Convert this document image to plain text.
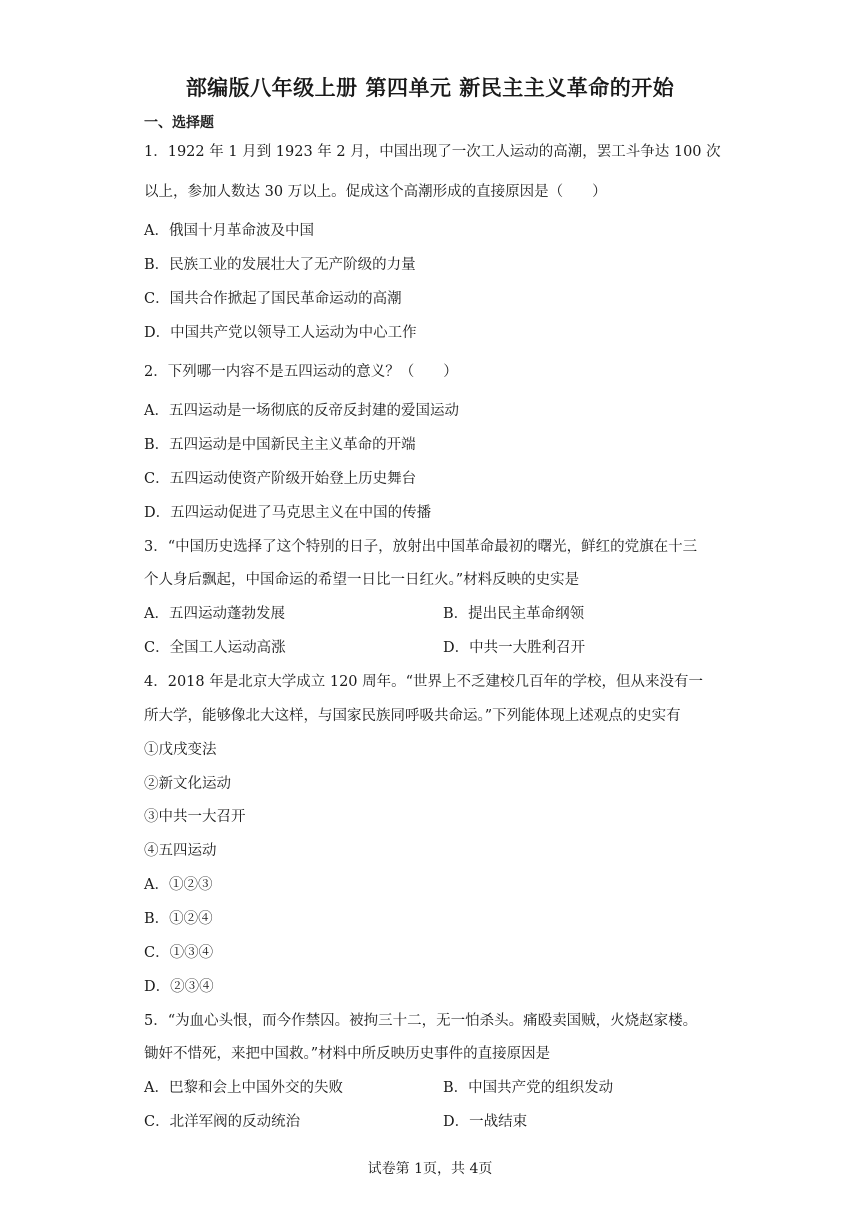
部编版八年级上册 第四单元 新民主主义革命的开始
一、选择题
1．1922 年 1 月到 1923 年 2 月，中国出现了一次工人运动的高潮，罢工斗争达 100 次
以上，参加人数达 30 万以上。促成这个高潮形成的直接原因是（　　）
A．俄国十月革命波及中国
B．民族工业的发展壮大了无产阶级的力量
C．国共合作掀起了国民革命运动的高潮
D．中国共产党以领导工人运动为中心工作
2．下列哪一内容不是五四运动的意义？（　　）
A．五四运动是一场彻底的反帝反封建的爱国运动
B．五四运动是中国新民主主义革命的开端
C．五四运动使资产阶级开始登上历史舞台
D．五四运动促进了马克思主义在中国的传播
3．“中国历史选择了这个特别的日子，放射出中国革命最初的曙光，鲜红的党旗在十三
个人身后飘起，中国命运的希望一日比一日红火。”材料反映的史实是
A．五四运动蓬勃发展	B．提出民主革命纲领
C．全国工人运动高涨	D．中共一大胜利召开
4．2018 年是北京大学成立 120 周年。“世界上不乏建校几百年的学校，但从来没有一
所大学，能够像北大这样，与国家民族同呼吸共命运。”下列能体现上述观点的史实有
①戊戌变法
②新文化运动
③中共一大召开
④五四运动
A．①②③
B．①②④
C．①③④
D．②③④
5．“为血心头恨，而今作禁囚。被拘三十二，无一怕杀头。痛殴卖国贼，火烧赵家楼。
锄奸不惜死，来把中国救。”材料中所反映历史事件的直接原因是
A．巴黎和会上中国外交的失败	B．中国共产党的组织发动
C．北洋军阀的反动统治	D．一战结束
试卷第 1页，共 4页
